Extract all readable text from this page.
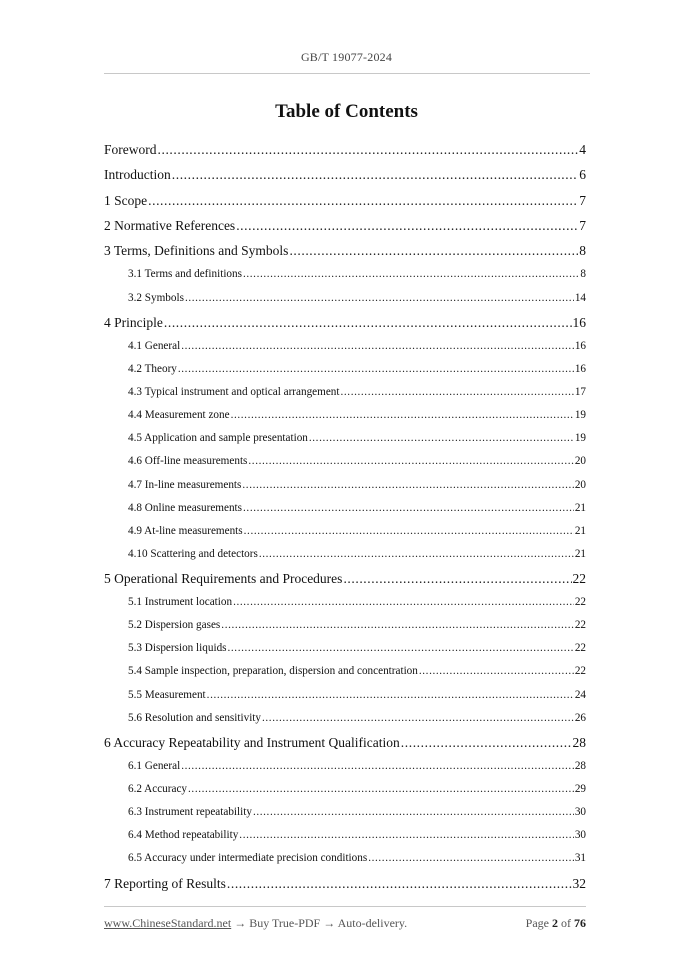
GB/T 19077-2024
Table of Contents
Foreword .....	4
Introduction .....	6
1 Scope .....	7
2 Normative References .....	7
3 Terms, Definitions and Symbols .....	8
3.1 Terms and definitions .....	8
3.2 Symbols .....	14
4 Principle .....	16
4.1 General .....	16
4.2 Theory .....	16
4.3 Typical instrument and optical arrangement .....	17
4.4 Measurement zone .....	19
4.5 Application and sample presentation .....	19
4.6 Off-line measurements .....	20
4.7 In-line measurements .....	20
4.8 Online measurements .....	21
4.9 At-line measurements .....	21
4.10 Scattering and detectors .....	21
5 Operational Requirements and Procedures .....	22
5.1 Instrument location .....	22
5.2 Dispersion gases .....	22
5.3 Dispersion liquids .....	22
5.4 Sample inspection, preparation, dispersion and concentration .....	22
5.5 Measurement .....	24
5.6 Resolution and sensitivity .....	26
6 Accuracy Repeatability and Instrument Qualification .....	28
6.1 General .....	28
6.2 Accuracy .....	29
6.3 Instrument repeatability .....	30
6.4 Method repeatability .....	30
6.5 Accuracy under intermediate precision conditions .....	31
7 Reporting of Results .....	32
www.ChineseStandard.net → Buy True-PDF → Auto-delivery.	Page 2 of 76
